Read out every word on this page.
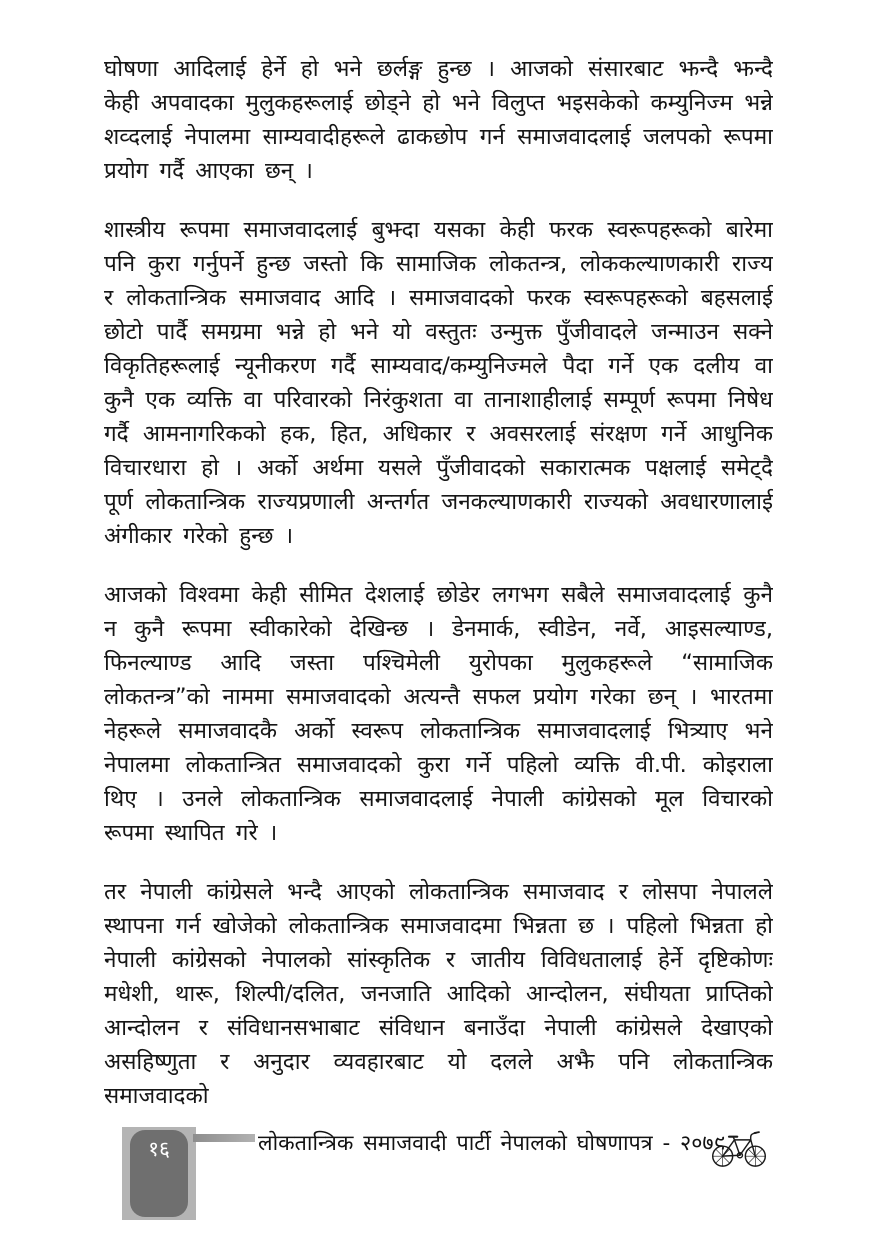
घोषणा आदिलाई हेर्ने हो भने छर्लङ्ग हुन्छ । आजको संसारबाट झन्दै झन्दै केही अपवादका मुलुकहरूलाई छोड्ने हो भने विलुप्त भइसकेको कम्युनिज्म भन्ने शव्दलाई नेपालमा साम्यवादीहरूले ढाकछोप गर्न समाजवादलाई जलपको रूपमा प्रयोग गर्दै आएका छन् ।

शास्त्रीय रूपमा समाजवादलाई बुझ्दा यसका केही फरक स्वरूपहरूको बारेमा पनि कुरा गर्नुपर्ने हुन्छ जस्तो कि सामाजिक लोकतन्त्र, लोककल्याणकारी राज्य र लोकतान्त्रिक समाजवाद आदि । समाजवादको फरक स्वरूपहरूको बहसलाई छोटो पार्दै समग्रमा भन्ने हो भने यो वस्तुतः उन्मुक्त पुँजीवादले जन्माउन सक्ने विकृतिहरूलाई न्यूनीकरण गर्दै साम्यवाद/कम्युनिज्मले पैदा गर्ने एक दलीय वा कुनै एक व्यक्ति वा परिवारको निरंकुशता वा तानाशाहीलाई सम्पूर्ण रूपमा निषेध गर्दै आमनागरिकको हक, हित, अधिकार र अवसरलाई संरक्षण गर्ने आधुनिक विचारधारा हो । अर्को अर्थमा यसले पुँजीवादको सकारात्मक पक्षलाई समेट्दै पूर्ण लोकतान्त्रिक राज्यप्रणाली अन्तर्गत जनकल्याणकारी राज्यको अवधारणालाई अंगीकार गरेको हुन्छ ।

आजको विश्वमा केही सीमित देशलाई छोडेर लगभग सबैले समाजवादलाई कुनै न कुनै रूपमा स्वीकारेको देखिन्छ । डेनमार्क, स्वीडेन, नर्वे, आइसल्याण्ड, फिनल्याण्ड आदि जस्ता पश्चिमेली युरोपका मुलुकहरूले “सामाजिक लोकतन्त्र”को नाममा समाजवादको अत्यन्तै सफल प्रयोग गरेका छन् । भारतमा नेहरूले समाजवादकै अर्को स्वरूप लोकतान्त्रिक समाजवादलाई भित्र्याए भने नेपालमा लोकतान्त्रित समाजवादको कुरा गर्ने पहिलो व्यक्ति वी.पी. कोइराला थिए । उनले लोकतान्त्रिक समाजवादलाई नेपाली कांग्रेसको मूल विचारको रूपमा स्थापित गरे ।

तर नेपाली कांग्रेसले भन्दै आएको लोकतान्त्रिक समाजवाद र लोसपा नेपालले स्थापना गर्न खोजेको लोकतान्त्रिक समाजवादमा भिन्नता छ । पहिलो भिन्नता हो नेपाली कांग्रेसको नेपालको सांस्कृतिक र जातीय विविधतालाई हेर्ने दृष्टिकोणः मधेशी, थारू, शिल्पी/दलित, जनजाति आदिको आन्दोलन, संघीयता प्राप्तिको आन्दोलन र संविधानसभाबाट संविधान बनाउँदा नेपाली कांग्रेसले देखाएको असहिष्णुता र अनुदार व्यवहारबाट यो दलले अझै पनि लोकतान्त्रिक समाजवादको

१६	लोकतान्त्रिक समाजवादी पार्टी नेपालको घोषणापत्र - २०७९
